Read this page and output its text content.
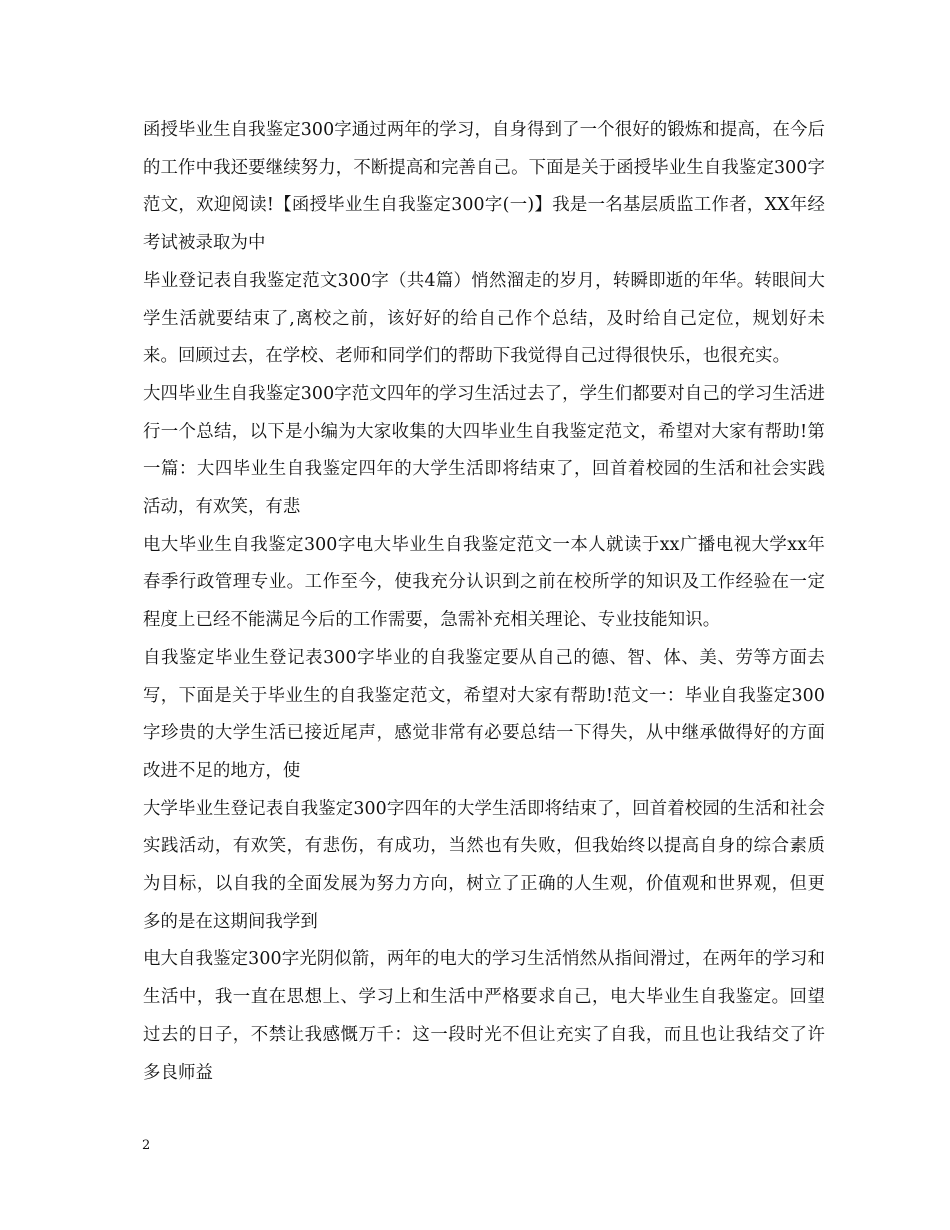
函授毕业生自我鉴定300字通过两年的学习，自身得到了一个很好的锻炼和提高，在今后的工作中我还要继续努力，不断提高和完善自己。下面是关于函授毕业生自我鉴定300字范文，欢迎阅读!【函授毕业生自我鉴定300字(一)】我是一名基层质监工作者，XX年经考试被录取为中

毕业登记表自我鉴定范文300字（共4篇）悄然溜走的岁月，转瞬即逝的年华。转眼间大学生活就要结束了,离校之前，该好好的给自己作个总结，及时给自己定位，规划好未来。回顾过去，在学校、老师和同学们的帮助下我觉得自己过得很快乐，也很充实。

大四毕业生自我鉴定300字范文四年的学习生活过去了，学生们都要对自己的学习生活进行一个总结，以下是小编为大家收集的大四毕业生自我鉴定范文，希望对大家有帮助!第一篇：大四毕业生自我鉴定四年的大学生活即将结束了，回首着校园的生活和社会实践活动，有欢笑，有悲

电大毕业生自我鉴定300字电大毕业生自我鉴定范文一本人就读于xx广播电视大学xx年春季行政管理专业。工作至今，使我充分认识到之前在校所学的知识及工作经验在一定程度上已经不能满足今后的工作需要，急需补充相关理论、专业技能知识。

自我鉴定毕业生登记表300字毕业的自我鉴定要从自己的德、智、体、美、劳等方面去写，下面是关于毕业生的自我鉴定范文，希望对大家有帮助!范文一：毕业自我鉴定300字珍贵的大学生活已接近尾声，感觉非常有必要总结一下得失，从中继承做得好的方面改进不足的地方，使

大学毕业生登记表自我鉴定300字四年的大学生活即将结束了，回首着校园的生活和社会实践活动，有欢笑，有悲伤，有成功，当然也有失败，但我始终以提高自身的综合素质为目标，以自我的全面发展为努力方向，树立了正确的人生观，价值观和世界观，但更多的是在这期间我学到

电大自我鉴定300字光阴似箭，两年的电大的学习生活悄然从指间滑过，在两年的学习和生活中，我一直在思想上、学习上和生活中严格要求自己，电大毕业生自我鉴定。回望过去的日子，不禁让我感慨万千：这一段时光不但让充实了自我，而且也让我结交了许多良师益

2
